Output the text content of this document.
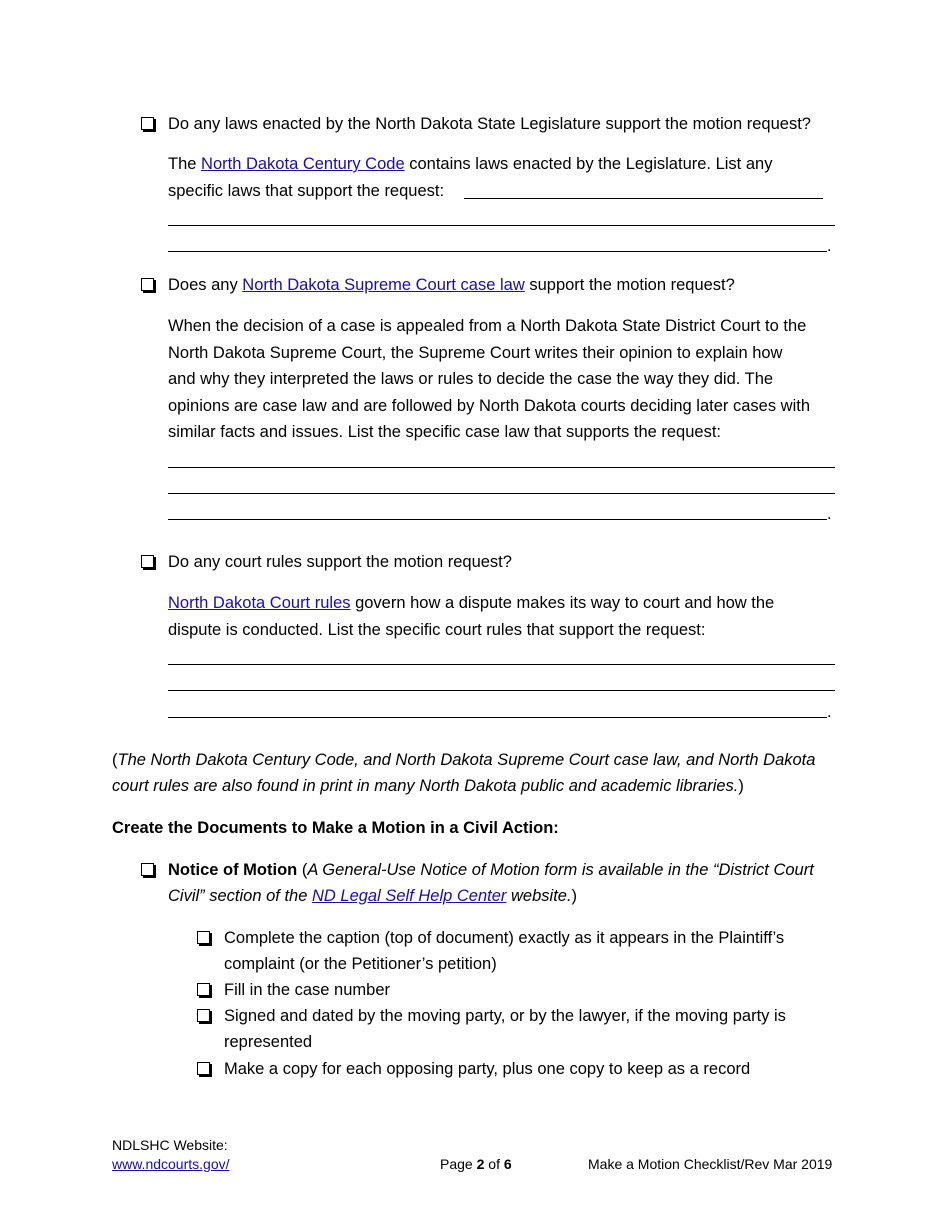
Do any laws enacted by the North Dakota State Legislature support the motion request?

The North Dakota Century Code contains laws enacted by the Legislature. List any

specific laws that support the request:

.

Does any North Dakota Supreme Court case law support the motion request?

When the decision of a case is appealed from a North Dakota State District Court to the

North Dakota Supreme Court, the Supreme Court writes their opinion to explain how

and why they interpreted the laws or rules to decide the case the way they did. The

opinions are case law and are followed by North Dakota courts deciding later cases with

similar facts and issues. List the specific case law that supports the request:

.

Do any court rules support the motion request?

North Dakota Court rules govern how a dispute makes its way to court and how the

dispute is conducted. List the specific court rules that support the request:

.

(The North Dakota Century Code, and North Dakota Supreme Court case law, and North Dakota

court rules are also found in print in many North Dakota public and academic libraries.)

Create the Documents to Make a Motion in a Civil Action:

Notice of Motion (A General-Use Notice of Motion form is available in the “District Court

Civil” section of the ND Legal Self Help Center website.)

Complete the caption (top of document) exactly as it appears in the Plaintiff’s

complaint (or the Petitioner’s petition)

Fill in the case number

Signed and dated by the moving party, or by the lawyer, if the moving party is

represented

Make a copy for each opposing party, plus one copy to keep as a record

NDLSHC Website:

www.ndcourts.gov/	Page 2 of 6	Make a Motion Checklist/Rev Mar 2019
